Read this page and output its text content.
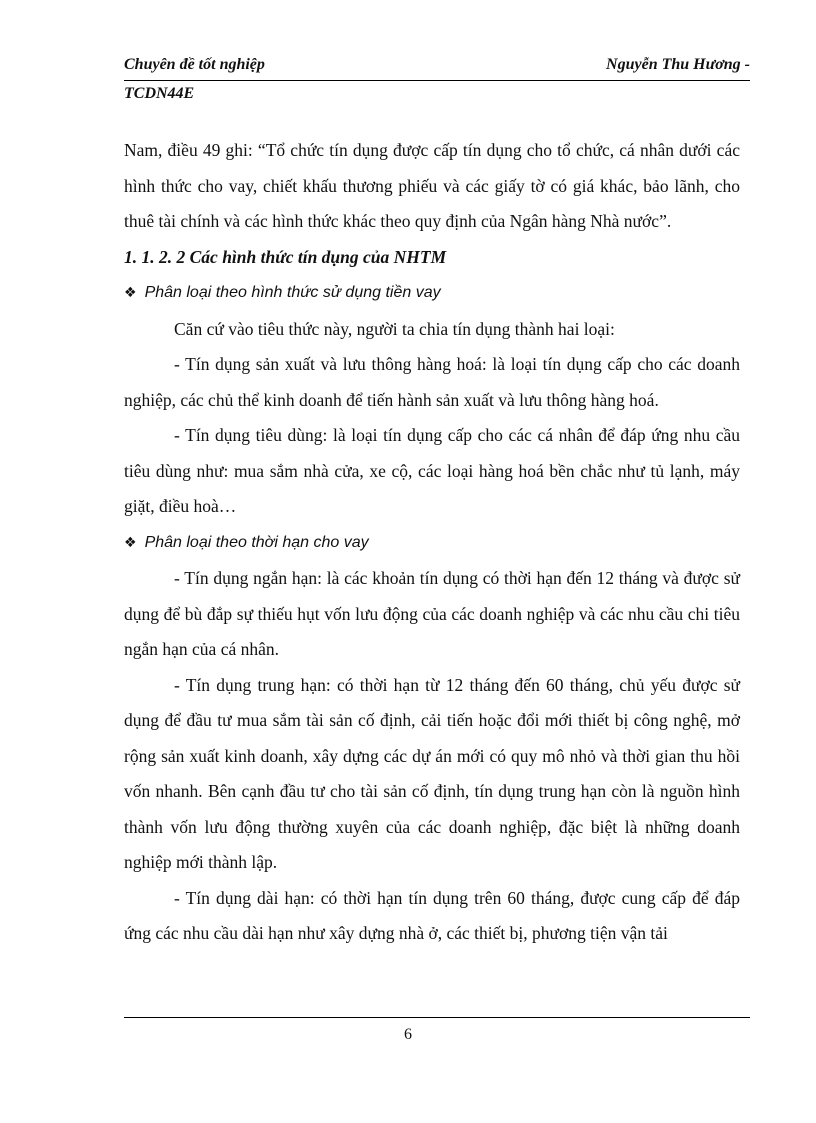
Chuyên đề tốt nghiệp	Nguyễn Thu Hương -
TCDN44E

Nam, điều 49 ghi: “Tổ chức tín dụng được cấp tín dụng cho tổ chức, cá nhân dưới các hình thức cho vay, chiết khấu thương phiếu và các giấy tờ có giá khác, bảo lãnh, cho thuê tài chính và các hình thức khác theo quy định của Ngân hàng Nhà nước”.

1. 1. 2. 2 Các hình thức tín dụng của NHTM

❖ Phân loại theo hình thức sử dụng tiền vay

Căn cứ vào tiêu thức này, người ta chia tín dụng thành hai loại:

- Tín dụng sản xuất và lưu thông hàng hoá: là loại tín dụng cấp cho các doanh nghiệp, các chủ thể kinh doanh để tiến hành sản xuất và lưu thông hàng hoá.

- Tín dụng tiêu dùng: là loại tín dụng cấp cho các cá nhân để đáp ứng nhu cầu tiêu dùng như: mua sắm nhà cửa, xe cộ, các loại hàng hoá bền chắc như tủ lạnh, máy giặt, điều hoà…

❖ Phân loại theo thời hạn cho vay

- Tín dụng ngắn hạn: là các khoản tín dụng có thời hạn đến 12 tháng và được sử dụng để bù đắp sự thiếu hụt vốn lưu động của các doanh nghiệp và các nhu cầu chi tiêu ngắn hạn của cá nhân.

- Tín dụng trung hạn: có thời hạn từ 12 tháng đến 60 tháng, chủ yếu được sử dụng để đầu tư mua sắm tài sản cố định, cải tiến hoặc đổi mới thiết bị công nghệ, mở rộng sản xuất kinh doanh, xây dựng các dự án mới có quy mô nhỏ và thời gian thu hồi vốn nhanh. Bên cạnh đầu tư cho tài sản cố định, tín dụng trung hạn còn là nguồn hình thành vốn lưu động thường xuyên của các doanh nghiệp, đặc biệt là những doanh nghiệp mới thành lập.

- Tín dụng dài hạn: có thời hạn tín dụng trên 60 tháng, được cung cấp để đáp ứng các nhu cầu dài hạn như xây dựng nhà ở, các thiết bị, phương tiện vận tải

6
